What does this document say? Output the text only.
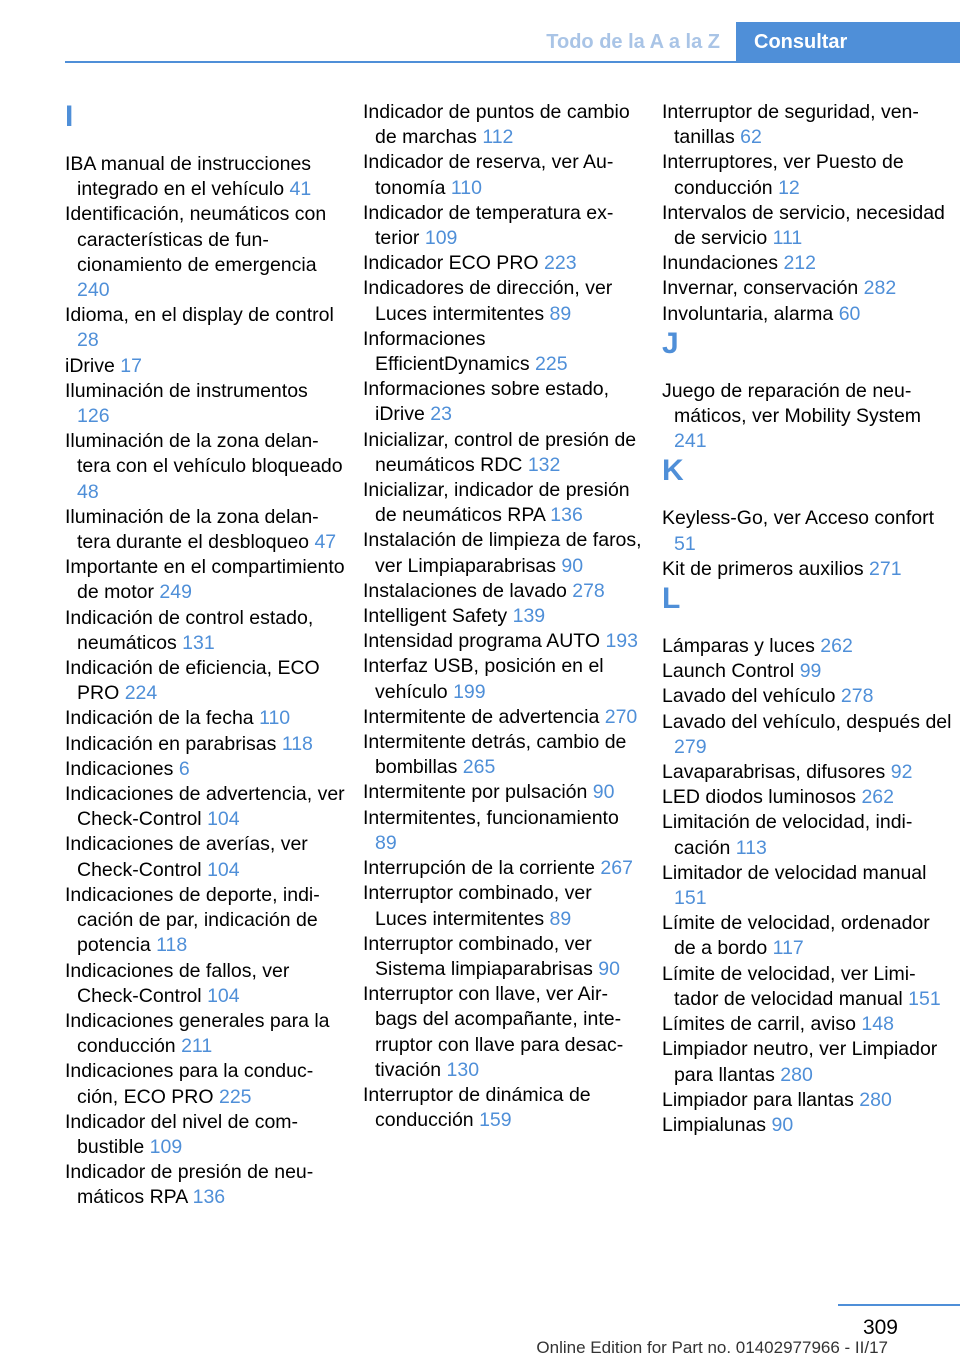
Todo de la A a la Z	Consultar
I
IBA manual de instrucciones integrado en el vehículo 41
Identificación, neumáticos con características de funcionamiento de emergencia 240
Idioma, en el display de control 28
iDrive 17
Iluminación de instrumentos 126
Iluminación de la zona delantera con el vehículo bloqueado 48
Iluminación de la zona delantera durante el desbloqueo 47
Importante en el compartimiento de motor 249
Indicación de control estado, neumáticos 131
Indicación de eficiencia, ECO PRO 224
Indicación de la fecha 110
Indicación en parabrisas 118
Indicaciones 6
Indicaciones de advertencia, ver Check-Control 104
Indicaciones de averías, ver Check-Control 104
Indicaciones de deporte, indicación de par, indicación de potencia 118
Indicaciones de fallos, ver Check-Control 104
Indicaciones generales para la conducción 211
Indicaciones para la conducción, ECO PRO 225
Indicador del nivel de combustible 109
Indicador de presión de neumáticos RPA 136
Indicador de puntos de cambio de marchas 112
Indicador de reserva, ver Autonomía 110
Indicador de temperatura exterior 109
Indicador ECO PRO 223
Indicadores de dirección, ver Luces intermitentes 89
Informaciones EfficientDynamics 225
Informaciones sobre estado, iDrive 23
Inicializar, control de presión de neumáticos RDC 132
Inicializar, indicador de presión de neumáticos RPA 136
Instalación de limpieza de faros, ver Limpiaparabrisas 90
Instalaciones de lavado 278
Intelligent Safety 139
Intensidad programa AUTO 193
Interfaz USB, posición en el vehículo 199
Intermitente de advertencia 270
Intermitente detrás, cambio de bombillas 265
Intermitente por pulsación 90
Intermitentes, funcionamiento 89
Interrupción de la corriente 267
Interruptor combinado, ver Luces intermitentes 89
Interruptor combinado, ver Sistema limpiaparabrisas 90
Interruptor con llave, ver Airbags del acompañante, interruptor con llave para desactivación 130
Interruptor de dinámica de conducción 159
Interruptor de seguridad, ventanillas 62
Interruptores, ver Puesto de conducción 12
Intervalos de servicio, necesidad de servicio 111
Inundaciones 212
Invernar, conservación 282
Involuntaria, alarma 60
J
Juego de reparación de neumáticos, ver Mobility System 241
K
Keyless-Go, ver Acceso confort 51
Kit de primeros auxilios 271
L
Lámparas y luces 262
Launch Control 99
Lavado del vehículo 278
Lavado del vehículo, después del 279
Lavaparabrisas, difusores 92
LED diodos luminosos 262
Limitación de velocidad, indicación 113
Limitador de velocidad manual 151
Límite de velocidad, ordenador de a bordo 117
Límite de velocidad, ver Limitador de velocidad manual 151
Límites de carril, aviso 148
Limpiador neutro, ver Limpiador para llantas 280
Limpiador para llantas 280
Limpialunas 90
309
Online Edition for Part no. 01402977966 - II/17
